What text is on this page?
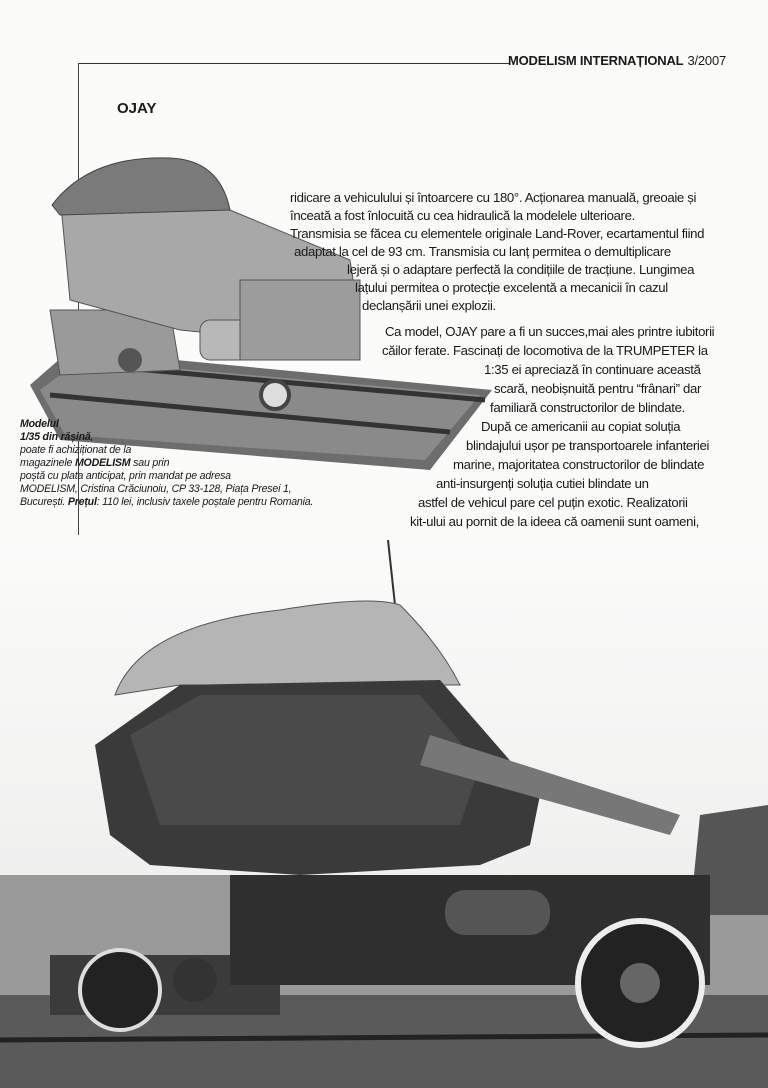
MODELISM INTERNAȚIONAL 3/2007
OJAY
ridicare a vehiculului și întoarcere cu 180°. Acționarea manuală, greoaie și
înceată a fost înlocuită cu cea hidraulică la modelele ulterioare.
Transmisia se făcea cu elementele originale Land-Rover, ecartamentul fiind
adaptat la cel de 93 cm. Transmisia cu lanț permitea o demultiplicare
lejeră și o adaptare perfectă la condițiile de tracțiune. Lungimea
lațului permitea o protecție excelentă a mecanicii în cazul
declanșării unei explozii.
Ca model, OJAY pare a fi un succes,mai ales printre iubitorii
căilor ferate. Fascinați de locomotiva de la TRUMPETER la
1:35 ei apreciază în continuare această
scară, neobișnuită pentru “frânari” dar
familiară constructorilor de blindate.
După ce americanii au copiat soluția
blindajului ușor pe transportoarele infanteriei
marine, majoritatea constructorilor de blindate
anti-insurgenți soluția cutiei blindate un
astfel de vehicul pare cel puțin exotic. Realizatorii
kit-ului au pornit de la ideea că oamenii sunt oameni,
Modelul
1/35 din rășină,
poate fi achiziționat de la
magazinele MODELISM sau prin
poștă cu plata anticipat, prin mandat pe adresa
MODELISM, Cristina Crăciunoiu, CP 33-128, Piața Presei 1,
București. Prețul: 110 lei, inclusiv taxele poștale pentru Romania.
